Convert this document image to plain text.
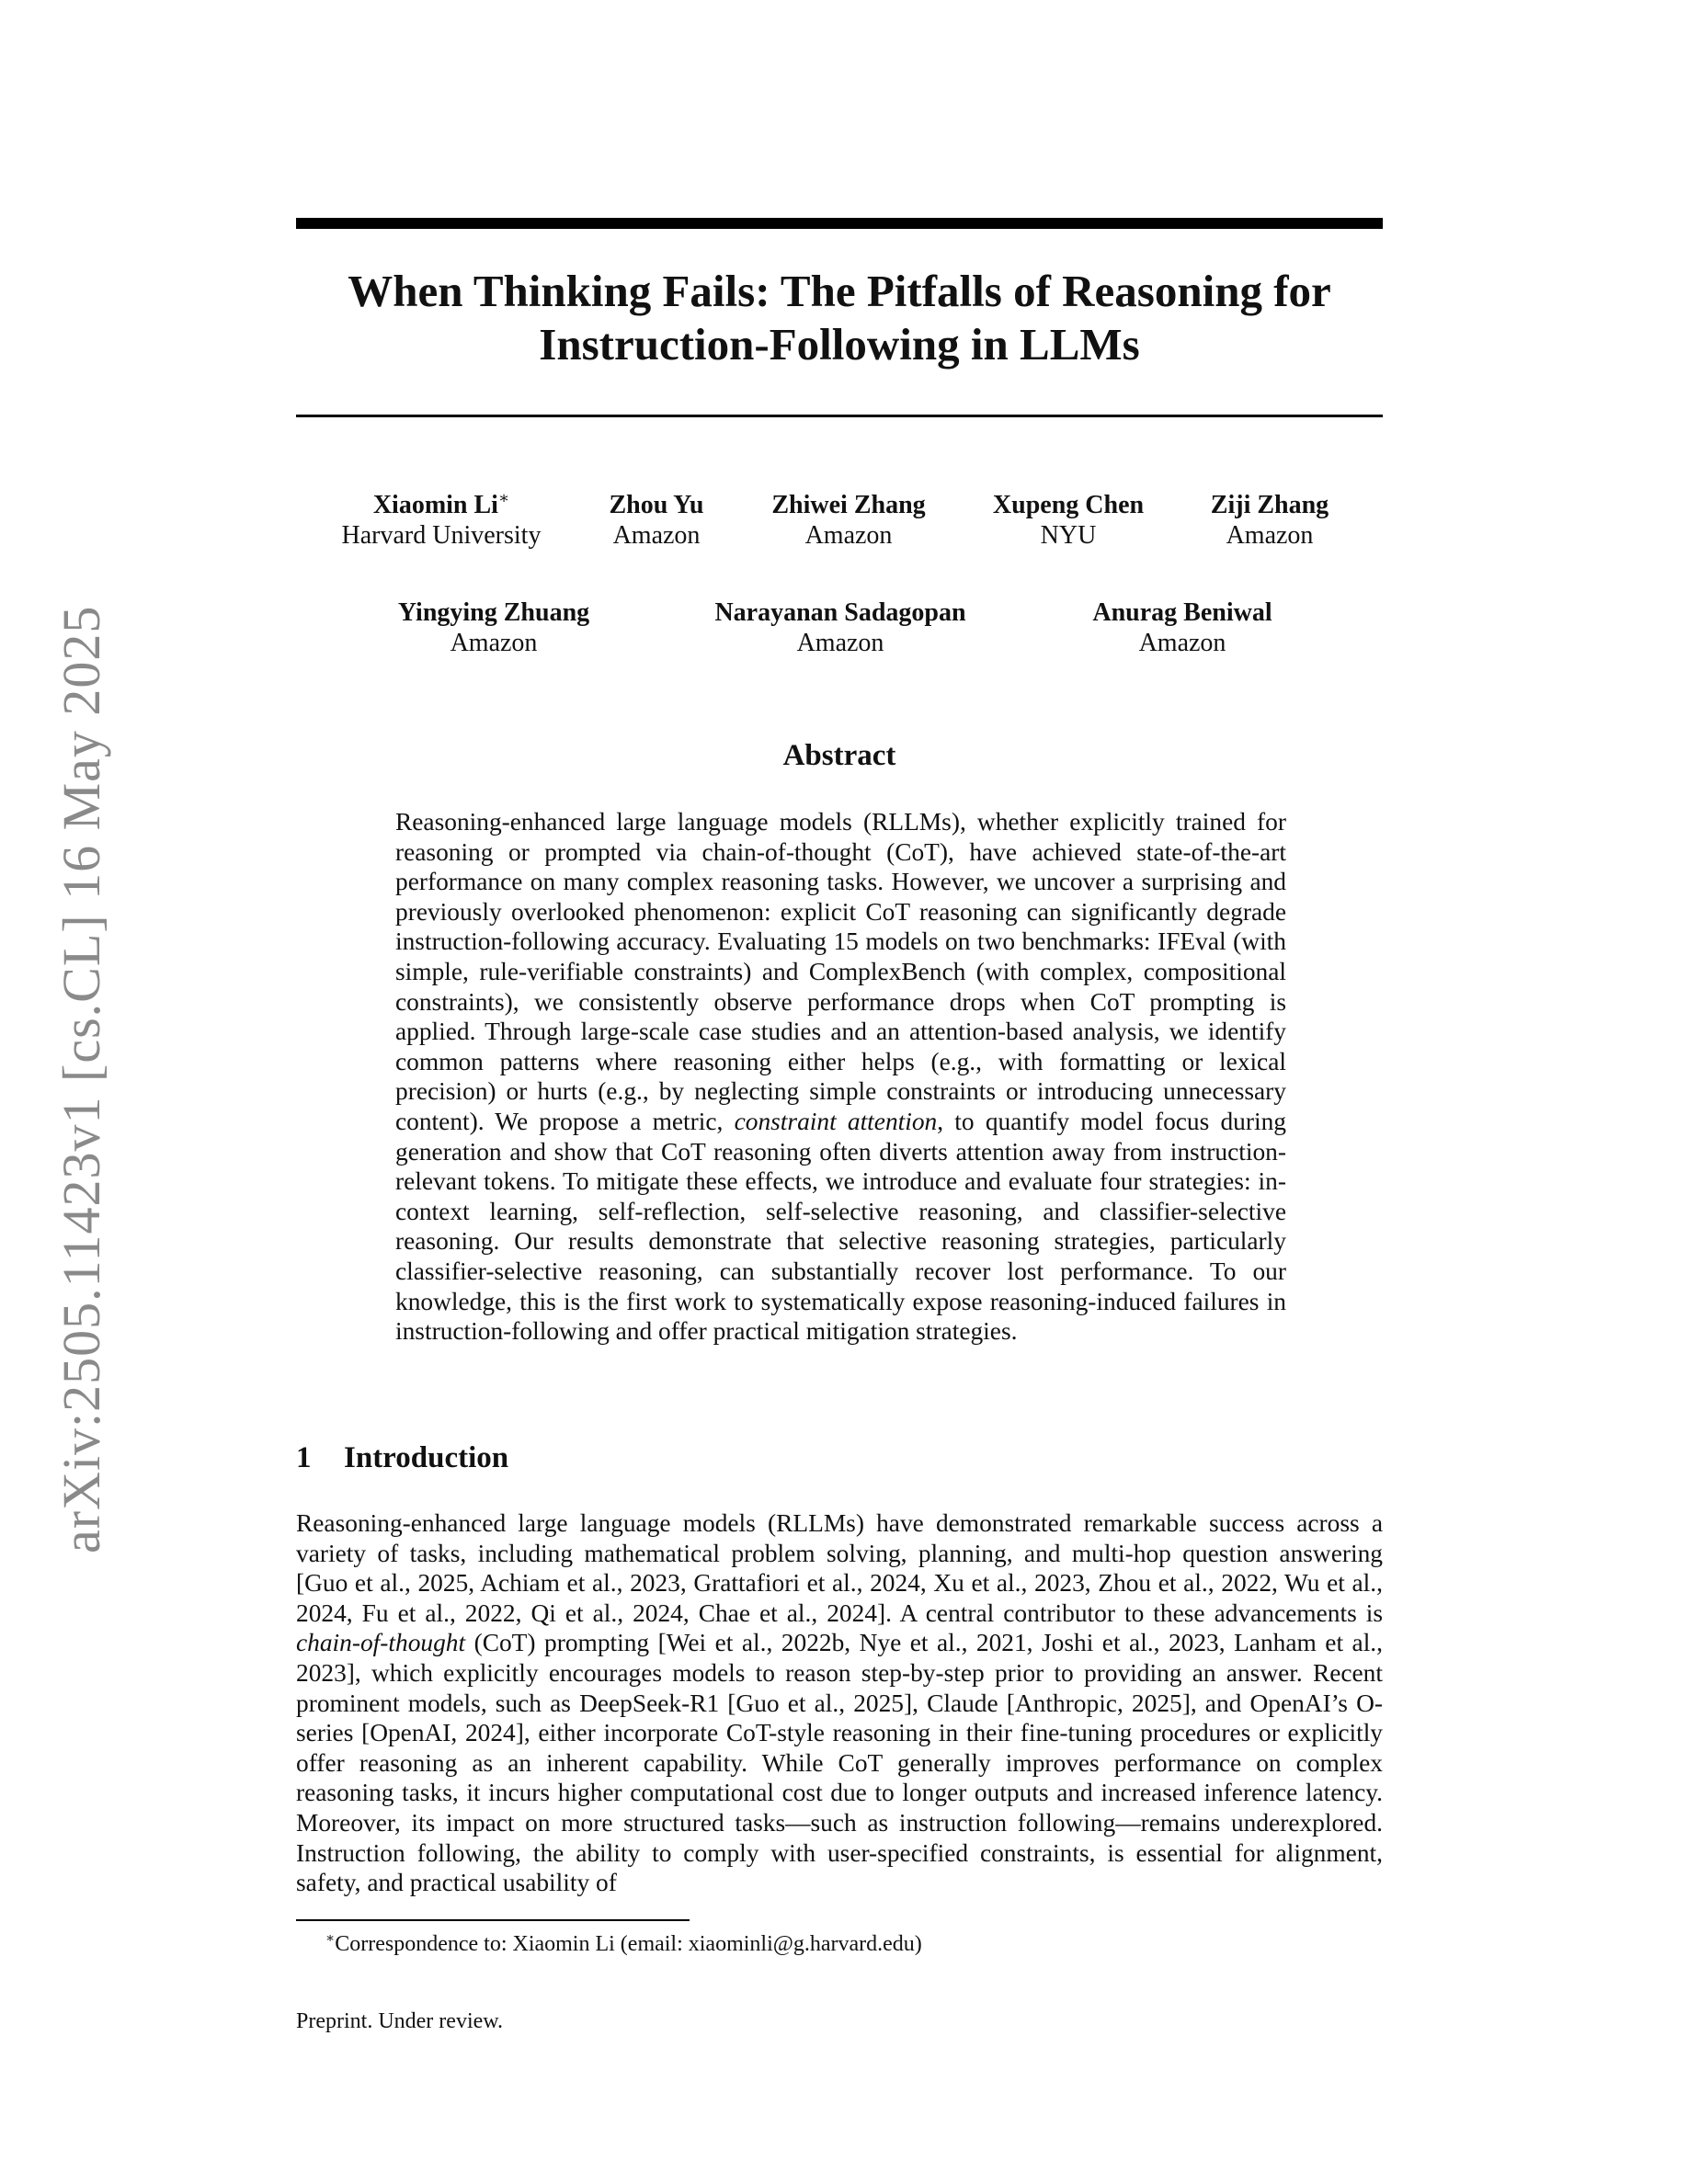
arXiv:2505.11423v1 [cs.CL] 16 May 2025
When Thinking Fails: The Pitfalls of Reasoning for
Instruction-Following in LLMs
Xiaomin Li∗
Harvard University
Zhou Yu
Amazon
Zhiwei Zhang
Amazon
Xupeng Chen
NYU
Ziji Zhang
Amazon
Yingying Zhuang
Amazon
Narayanan Sadagopan
Amazon
Anurag Beniwal
Amazon
Abstract

Reasoning-enhanced large language models (RLLMs), whether explicitly trained for reasoning or prompted via chain-of-thought (CoT), have achieved state-of-the-art performance on many complex reasoning tasks. However, we uncover a surprising and previously overlooked phenomenon: explicit CoT reasoning can significantly degrade instruction-following accuracy. Evaluating 15 models on two benchmarks: IFEval (with simple, rule-verifiable constraints) and ComplexBench (with complex, compositional constraints), we consistently observe performance drops when CoT prompting is applied. Through large-scale case studies and an attention-based analysis, we identify common patterns where reasoning either helps (e.g., with formatting or lexical precision) or hurts (e.g., by neglecting simple constraints or introducing unnecessary content). We propose a metric, constraint attention, to quantify model focus during generation and show that CoT reasoning often diverts attention away from instruction-relevant tokens. To mitigate these effects, we introduce and evaluate four strategies: in-context learning, self-reflection, self-selective reasoning, and classifier-selective reasoning. Our results demonstrate that selective reasoning strategies, particularly classifier-selective reasoning, can substantially recover lost performance. To our knowledge, this is the first work to systematically expose reasoning-induced failures in instruction-following and offer practical mitigation strategies.

1 Introduction

Reasoning-enhanced large language models (RLLMs) have demonstrated remarkable success across a variety of tasks, including mathematical problem solving, planning, and multi-hop question answering [Guo et al., 2025, Achiam et al., 2023, Grattafiori et al., 2024, Xu et al., 2023, Zhou et al., 2022, Wu et al., 2024, Fu et al., 2022, Qi et al., 2024, Chae et al., 2024]. A central contributor to these advancements is chain-of-thought (CoT) prompting [Wei et al., 2022b, Nye et al., 2021, Joshi et al., 2023, Lanham et al., 2023], which explicitly encourages models to reason step-by-step prior to providing an answer. Recent prominent models, such as DeepSeek-R1 [Guo et al., 2025], Claude [Anthropic, 2025], and OpenAI’s O-series [OpenAI, 2024], either incorporate CoT-style reasoning in their fine-tuning procedures or explicitly offer reasoning as an inherent capability. While CoT generally improves performance on complex reasoning tasks, it incurs higher computational cost due to longer outputs and increased inference latency. Moreover, its impact on more structured tasks—such as instruction following—remains underexplored. Instruction following, the ability to comply with user-specified constraints, is essential for alignment, safety, and practical usability of

∗Correspondence to: Xiaomin Li (email: xiaominli@g.harvard.edu)

Preprint. Under review.
